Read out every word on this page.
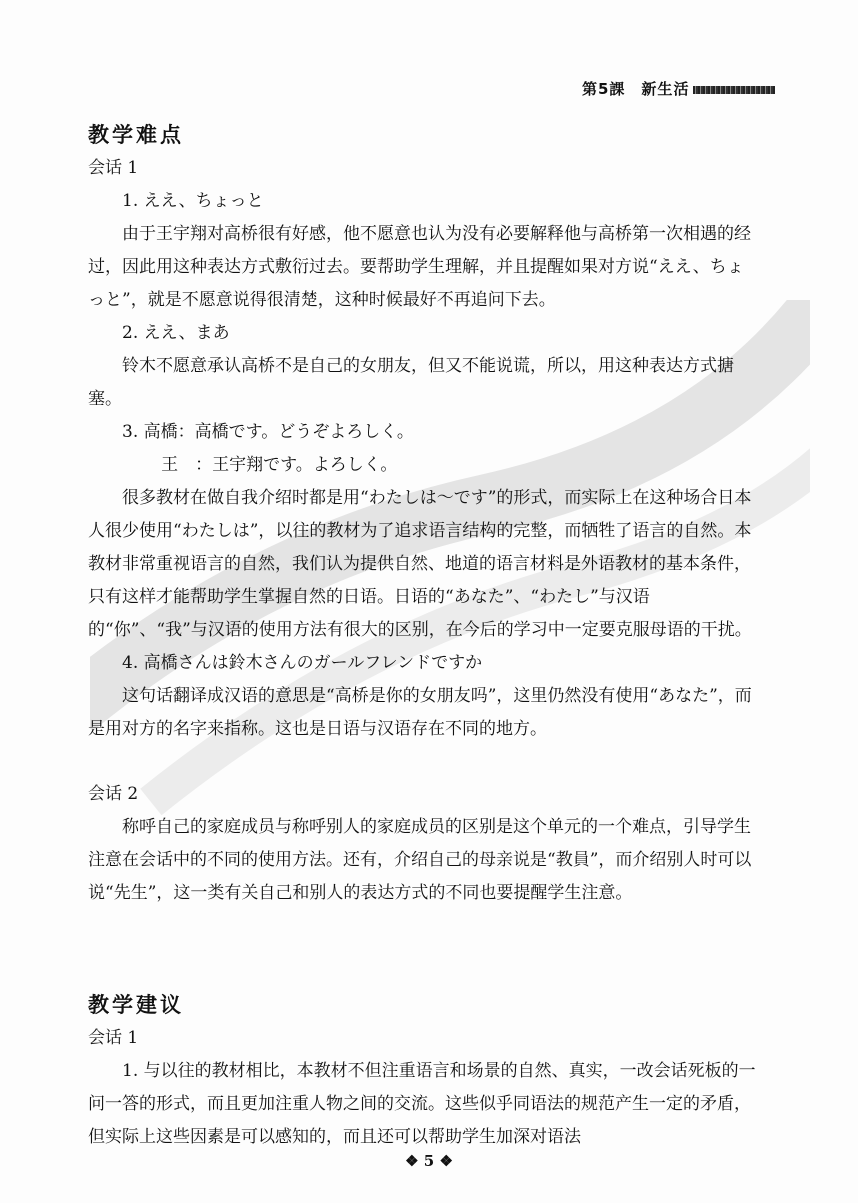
第5課　新生活

教学难点

会话 1

1. ええ、ちょっと

由于王宇翔对高桥很有好感，他不愿意也认为没有必要解释他与高桥第一次相遇的经过，因此用这种表达方式敷衍过去。要帮助学生理解，并且提醒如果对方说“ええ、ちょっと”，就是不愿意说得很清楚，这种时候最好不再追问下去。

2. ええ、まあ

铃木不愿意承认高桥不是自己的女朋友，但又不能说谎，所以，用这种表达方式搪塞。

3. 高橋：高橋です。どうぞよろしく。

王　：王宇翔です。よろしく。

很多教材在做自我介绍时都是用“わたしは～です”的形式，而实际上在这种场合日本人很少使用“わたしは”，以往的教材为了追求语言结构的完整，而牺牲了语言的自然。本教材非常重视语言的自然，我们认为提供自然、地道的语言材料是外语教材的基本条件，只有这样才能帮助学生掌握自然的日语。日语的“あなた”、“わたし”与汉语的“你”、“我”与汉语的使用方法有很大的区别，在今后的学习中一定要克服母语的干扰。

4. 高橋さんは鈴木さんのガールフレンドですか

这句话翻译成汉语的意思是“高桥是你的女朋友吗”，这里仍然没有使用“あなた”，而是用对方的名字来指称。这也是日语与汉语存在不同的地方。

会话 2

称呼自己的家庭成员与称呼别人的家庭成员的区别是这个单元的一个难点，引导学生注意在会话中的不同的使用方法。还有，介绍自己的母亲说是“教員”，而介绍别人时可以说“先生”，这一类有关自己和别人的表达方式的不同也要提醒学生注意。

教学建议

会话 1

1. 与以往的教材相比，本教材不但注重语言和场景的自然、真实，一改会话死板的一问一答的形式，而且更加注重人物之间的交流。这些似乎同语法的规范产生一定的矛盾，但实际上这些因素是可以感知的，而且还可以帮助学生加深对语法

❖ 5 ❖
